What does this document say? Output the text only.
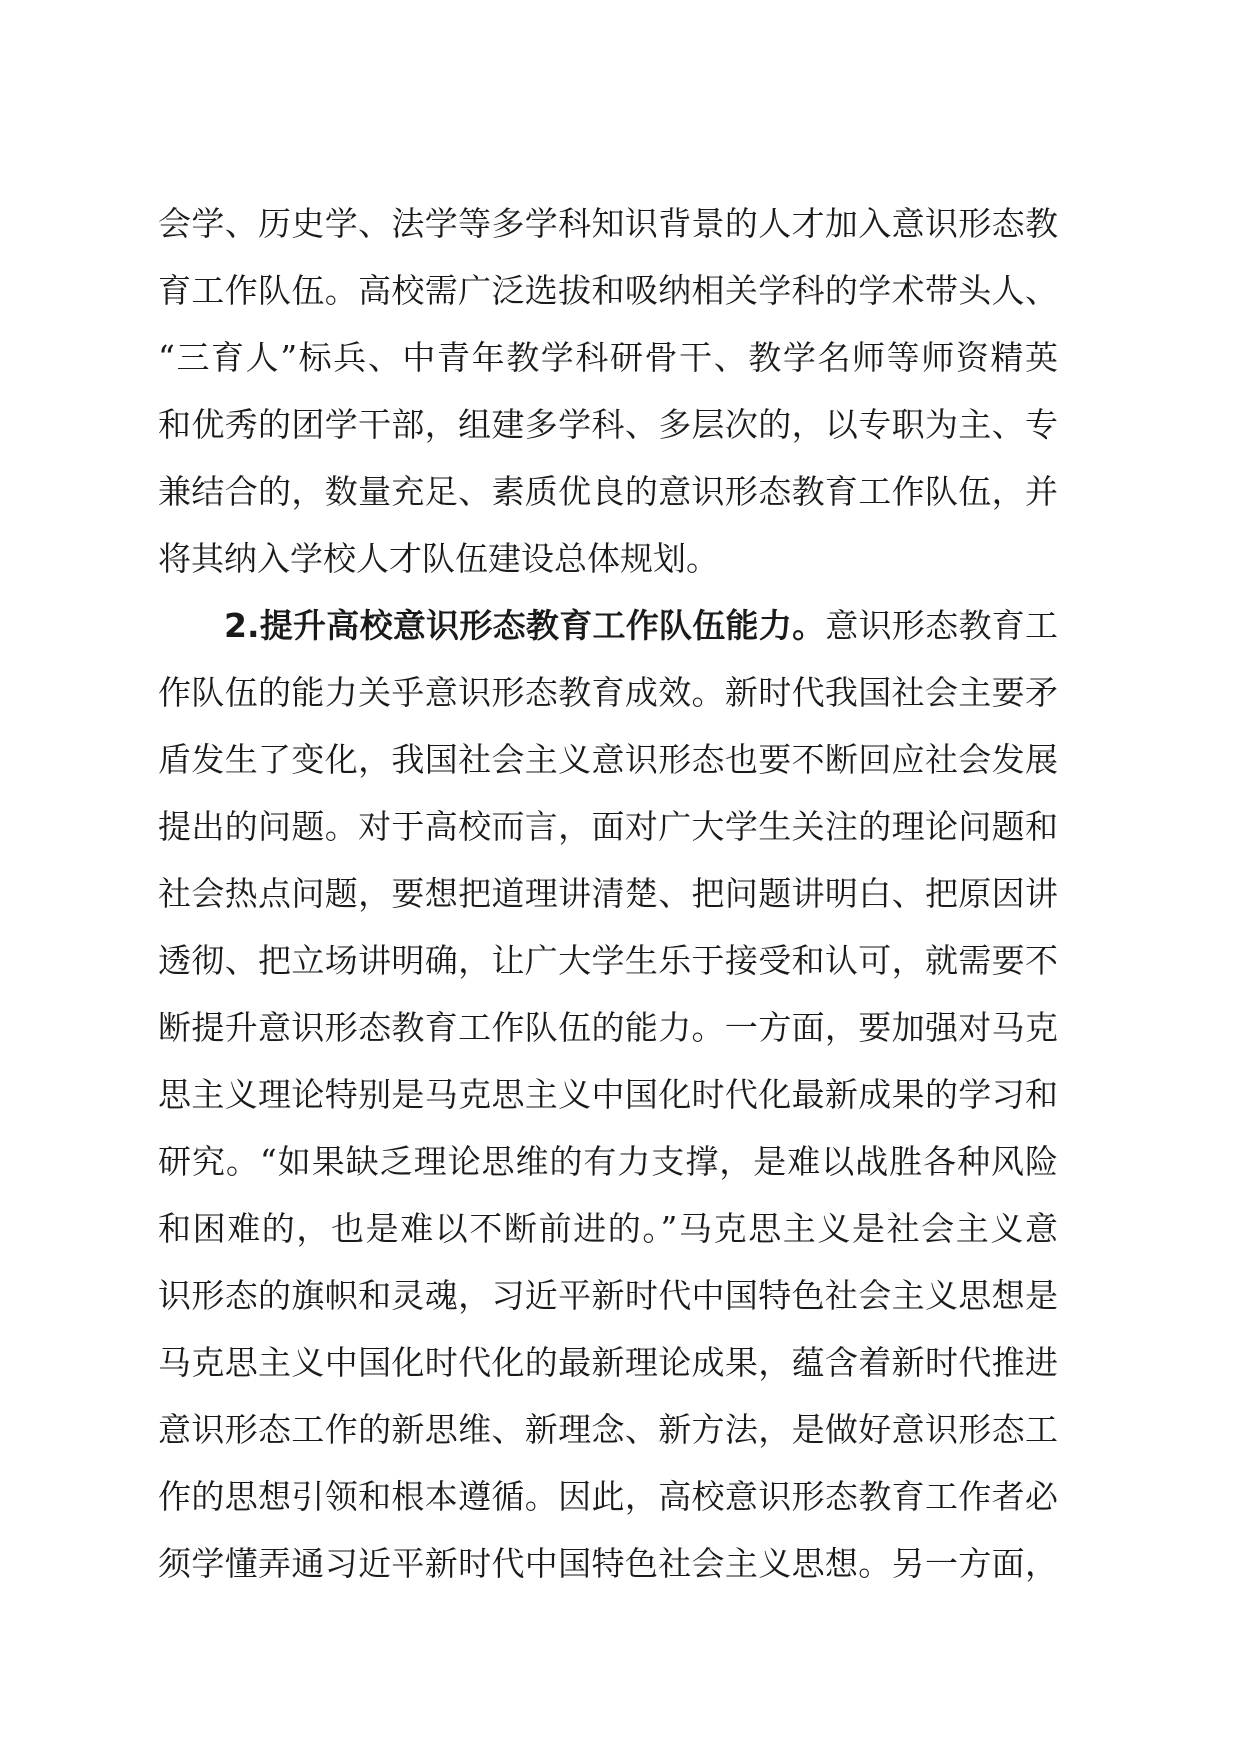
会学、历史学、法学等多学科知识背景的人才加入意识形态教
育工作队伍。高校需广泛选拔和吸纳相关学科的学术带头人、
“三育人”标兵、中青年教学科研骨干、教学名师等师资精英
和优秀的团学干部，组建多学科、多层次的，以专职为主、专
兼结合的，数量充足、素质优良的意识形态教育工作队伍，并
将其纳入学校人才队伍建设总体规划。
2.提升高校意识形态教育工作队伍能力。意识形态教育工
作队伍的能力关乎意识形态教育成效。新时代我国社会主要矛
盾发生了变化，我国社会主义意识形态也要不断回应社会发展
提出的问题。对于高校而言，面对广大学生关注的理论问题和
社会热点问题，要想把道理讲清楚、把问题讲明白、把原因讲
透彻、把立场讲明确，让广大学生乐于接受和认可，就需要不
断提升意识形态教育工作队伍的能力。一方面，要加强对马克
思主义理论特别是马克思主义中国化时代化最新成果的学习和
研究。“如果缺乏理论思维的有力支撑，是难以战胜各种风险
和困难的，也是难以不断前进的。”马克思主义是社会主义意
识形态的旗帜和灵魂，习近平新时代中国特色社会主义思想是
马克思主义中国化时代化的最新理论成果，蕴含着新时代推进
意识形态工作的新思维、新理念、新方法，是做好意识形态工
作的思想引领和根本遵循。因此，高校意识形态教育工作者必
须学懂弄通习近平新时代中国特色社会主义思想。另一方面，
